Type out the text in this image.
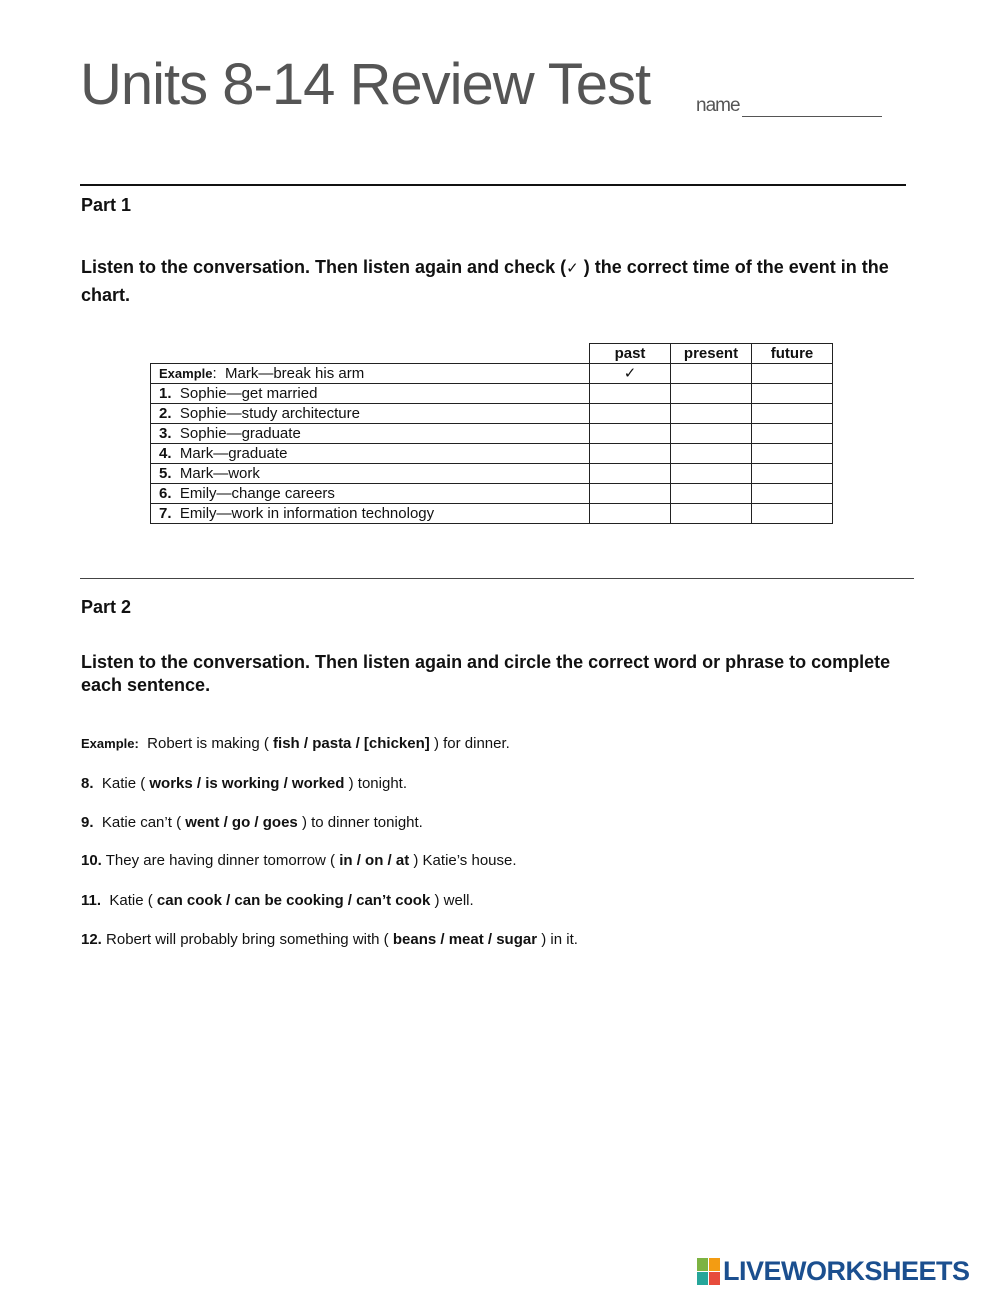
Units 8-14 Review Test name
Part 1
Listen to the conversation. Then listen again and check (✓ ) the correct time of the event in the chart.
	past	present	future
Example:  Mark—break his arm	✓		
1. Sophie—get married			
2. Sophie—study architecture			
3. Sophie—graduate			
4. Mark—graduate			
5. Mark—work			
6. Emily—change careers			
7. Emily—work in information technology			
Part 2
Listen to the conversation. Then listen again and circle the correct word or phrase to complete each sentence.
Example: Robert is making ( fish / pasta / [chicken] ) for dinner.
8. Katie ( works / is working / worked ) tonight.
9. Katie can’t ( went / go / goes ) to dinner tonight.
10. They are having dinner tomorrow ( in / on / at ) Katie’s house.
11. Katie ( can cook / can be cooking / can’t cook ) well.
12. Robert will probably bring something with ( beans / meat / sugar ) in it.
LIVEWORKSHEETS
